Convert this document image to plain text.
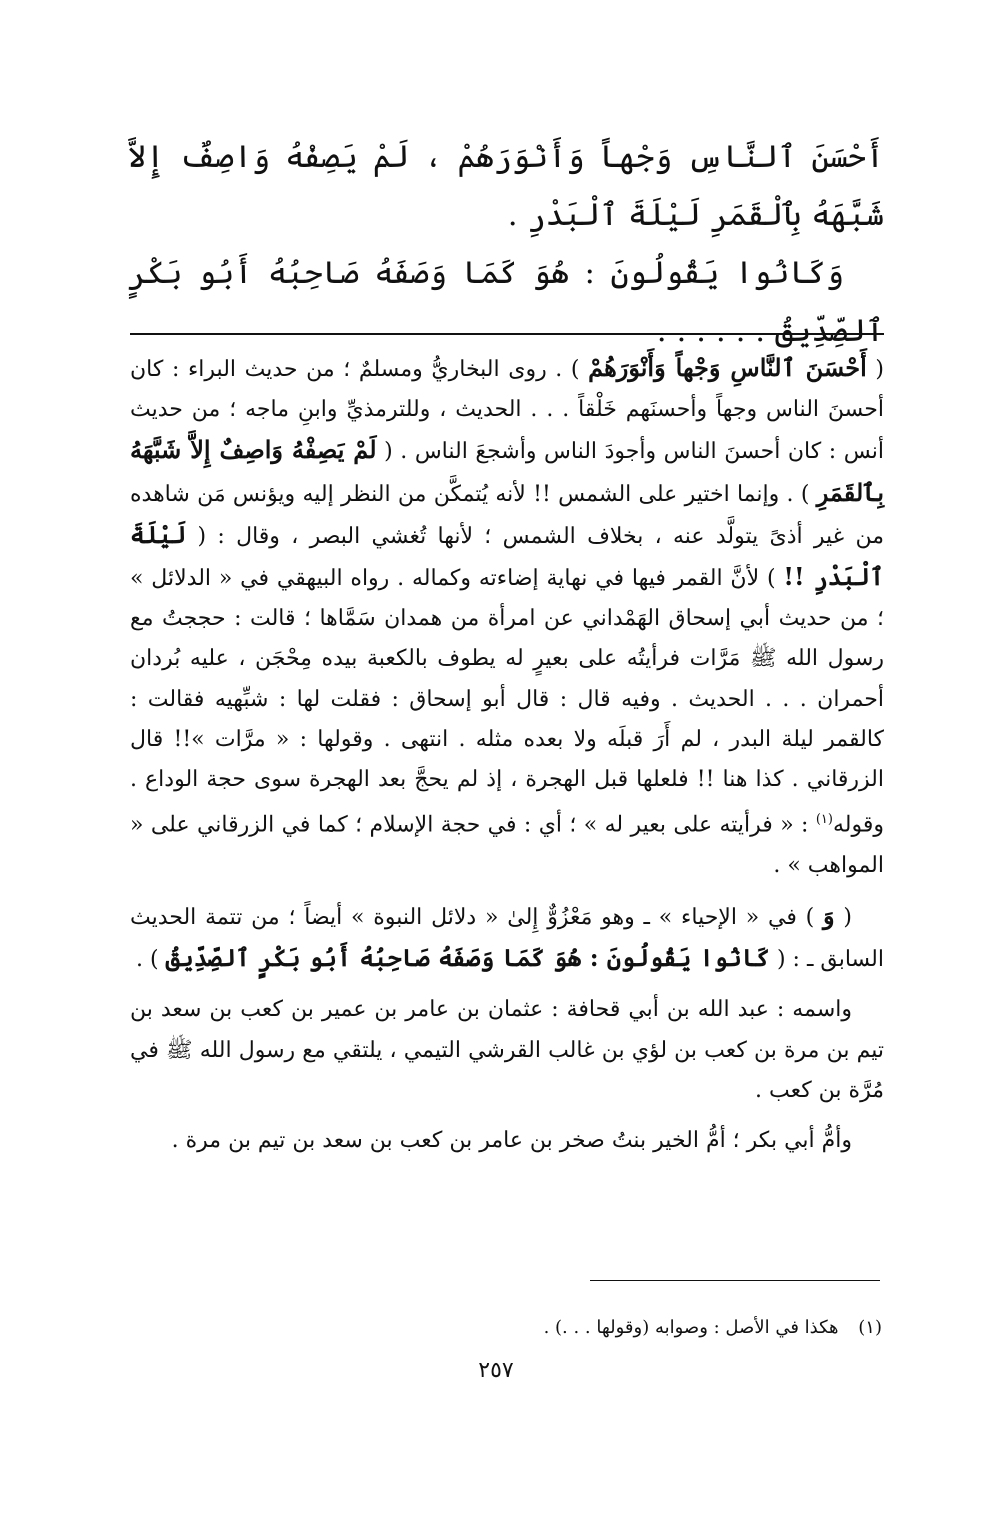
أَحْسَنَ ٱلنَّاسِ وَجْهاً وَأَنْوَرَهُمْ ، لَمْ يَصِفْهُ وَاصِفٌ إِلاَّ شَبَّهَهُ بِٱلْقَمَرِ لَيْلَةَ ٱلْبَدْرِ .

وَكَانُوا يَقُولُونَ : هُوَ كَمَا وَصَفَهُ صَاحِبُهُ أَبُو بَكْرٍ ٱلصِّدِّيقُ . . . . . .

( أَحْسَنَ ٱلنَّاسِ وَجْهاً وَأَنْوَرَهُمْ ) . روى البخاريُّ ومسلمٌ ؛ من حديث البراء : كان أحسنَ الناس وجهاً وأحسنَهم خَلْقاً . . . الحديث ، وللترمذيِّ وابنِ ماجه ؛ من حديث أنس : كان أحسنَ الناس وأجودَ الناس وأشجعَ الناس . ( لَمْ يَصِفْهُ وَاصِفٌ إِلاَّ شَبَّهَهُ بِٱلقَمَرِ ) . وإنما اختير على الشمس !! لأنه يُتمكَّن من النظر إليه ويؤنس مَن شاهده من غير أذىً يتولَّد عنه ، بخلاف الشمس ؛ لأنها تُغشي البصر ، وقال : ( لَيْلَةَ ٱلْبَدْرِ !! ) لأنَّ القمر فيها في نهاية إضاءته وكماله . رواه البيهقي في « الدلائل » ؛ من حديث أبي إسحاق الهَمْداني عن امرأة من همدان سَمَّاها ؛ قالت : حججتُ مع رسول الله ﷺ مَرَّات فرأيتُه على بعيرٍ له يطوف بالكعبة بيده مِحْجَن ، عليه بُردان أحمران . . . الحديث . وفيه قال : قال أبو إسحاق : فقلت لها : شبِّهيه فقالت : كالقمر ليلة البدر ، لم أَرَ قبلَه ولا بعده مثله . انتهى . وقولها : « مرَّات »!! قال الزرقاني . كذا هنا !! فلعلها قبل الهجرة ، إذ لم يحجَّ بعد الهجرة سوى حجة الوداع . وقوله$^{(١)}$ : « فرأيته على بعير له » ؛ أي : في حجة الإسلام ؛ كما في الزرقاني على « المواهب » .

( وَ ) في « الإحياء » ـ وهو مَعْزُوٌّ إِلىٰ « دلائل النبوة » أيضاً ؛ من تتمة الحديث السابق ـ : ( كَانُوا يَقُولُونَ : هُوَ كَمَا وَصَفَهُ صَاحِبُهُ أَبُو بَكْرٍ ٱلصِّدِّيقُ ) .

واسمه : عبد الله بن أبي قحافة : عثمان بن عامر بن عمير بن كعب بن سعد بن تيم بن مرة بن كعب بن لؤي بن غالب القرشي التيمي ، يلتقي مع رسول الله ﷺ في مُرَّة بن كعب .

وأمُّ أبي بكر ؛ أمُّ الخير بنتُ صخر بن عامر بن كعب بن سعد بن تيم بن مرة .

(١) هكذا في الأصل : وصوابه (وقولها . . .) .
٢٥٧
